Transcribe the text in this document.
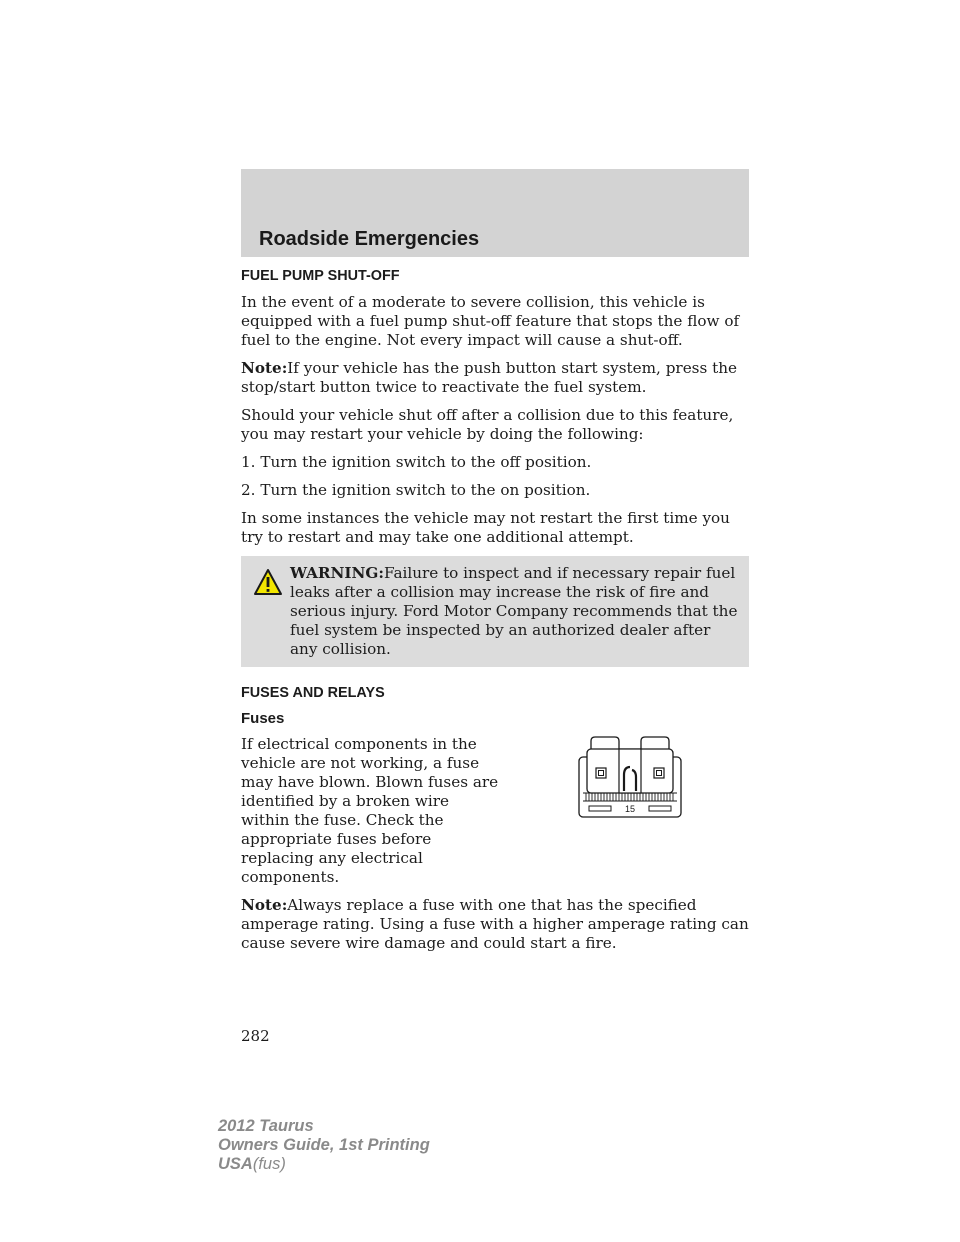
Roadside Emergencies
FUEL PUMP SHUT-OFF

In the event of a moderate to severe collision, this vehicle is equipped with a fuel pump shut-off feature that stops the flow of fuel to the engine. Not every impact will cause a shut-off.

Note:If your vehicle has the push button start system, press the stop/start button twice to reactivate the fuel system.

Should your vehicle shut off after a collision due to this feature, you may restart your vehicle by doing the following:

1. Turn the ignition switch to the off position.

2. Turn the ignition switch to the on position.

In some instances the vehicle may not restart the first time you try to restart and may take one additional attempt.

WARNING:Failure to inspect and if necessary repair fuel leaks after a collision may increase the risk of fire and serious injury. Ford Motor Company recommends that the fuel system be inspected by an authorized dealer after any collision.

FUSES AND RELAYS
Fuses

If electrical components in the vehicle are not working, a fuse may have blown. Blown fuses are identified by a broken wire within the fuse. Check the appropriate fuses before replacing any electrical components.

15

Note:Always replace a fuse with one that has the specified amperage rating. Using a fuse with a higher amperage rating can cause severe wire damage and could start a fire.

282

2012 Taurus
Owners Guide, 1st Printing
USA(fus)
